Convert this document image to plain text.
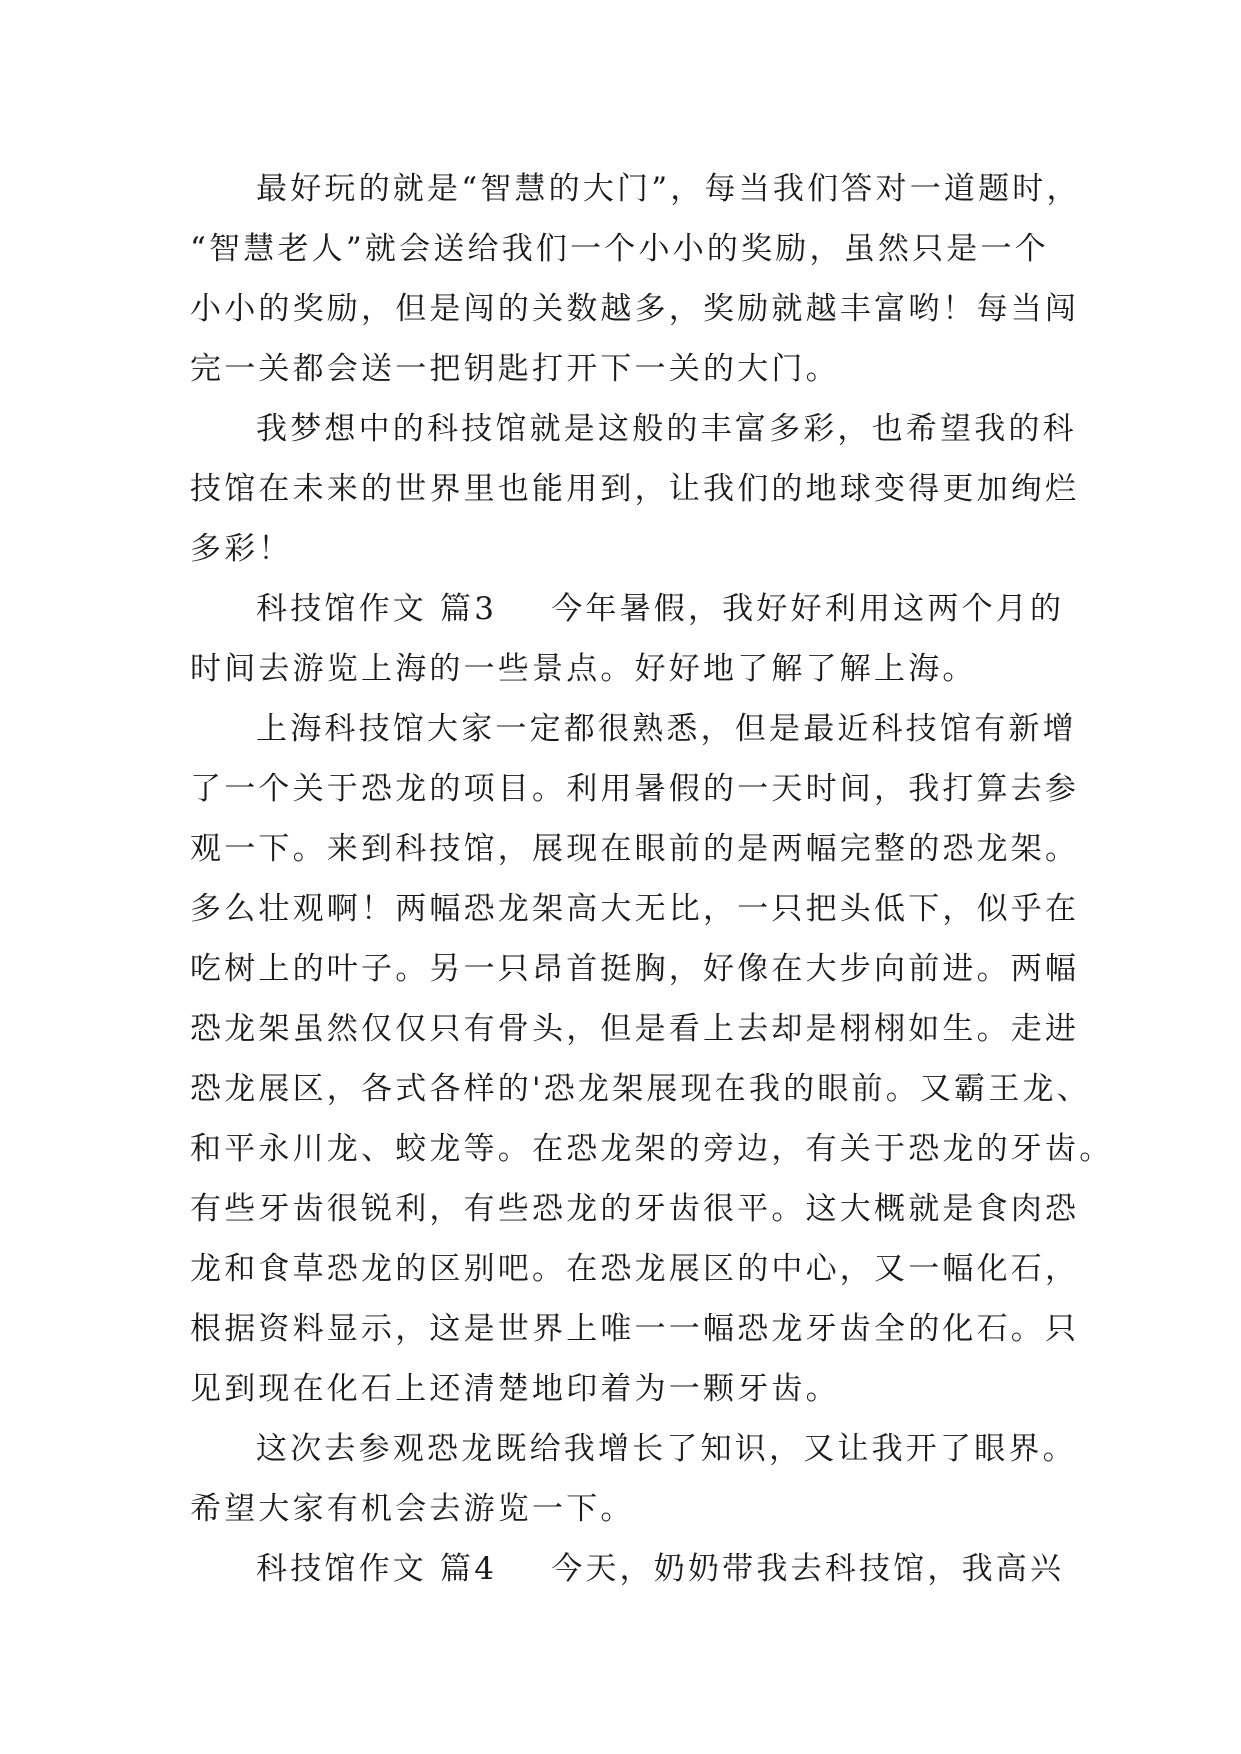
最好玩的就是“智慧的大门”，每当我们答对一道题时，
“智慧老人”就会送给我们一个小小的奖励，虽然只是一个
小小的奖励，但是闯的关数越多，奖励就越丰富哟！每当闯
完一关都会送一把钥匙打开下一关的大门。
我梦想中的科技馆就是这般的丰富多彩，也希望我的科
技馆在未来的世界里也能用到，让我们的地球变得更加绚烂
多彩！
科技馆作文 篇3 今年暑假，我好好利用这两个月的
时间去游览上海的一些景点。好好地了解了解上海。
上海科技馆大家一定都很熟悉，但是最近科技馆有新增
了一个关于恐龙的项目。利用暑假的一天时间，我打算去参
观一下。来到科技馆，展现在眼前的是两幅完整的恐龙架。
多么壮观啊！两幅恐龙架高大无比，一只把头低下，似乎在
吃树上的叶子。另一只昂首挺胸，好像在大步向前进。两幅
恐龙架虽然仅仅只有骨头，但是看上去却是栩栩如生。走进
恐龙展区，各式各样的'恐龙架展现在我的眼前。又霸王龙、
和平永川龙、蛟龙等。在恐龙架的旁边，有关于恐龙的牙齿。
有些牙齿很锐利，有些恐龙的牙齿很平。这大概就是食肉恐
龙和食草恐龙的区别吧。在恐龙展区的中心，又一幅化石，
根据资料显示，这是世界上唯一一幅恐龙牙齿全的化石。只
见到现在化石上还清楚地印着为一颗牙齿。
这次去参观恐龙既给我增长了知识，又让我开了眼界。
希望大家有机会去游览一下。
科技馆作文 篇4 今天，奶奶带我去科技馆，我高兴
